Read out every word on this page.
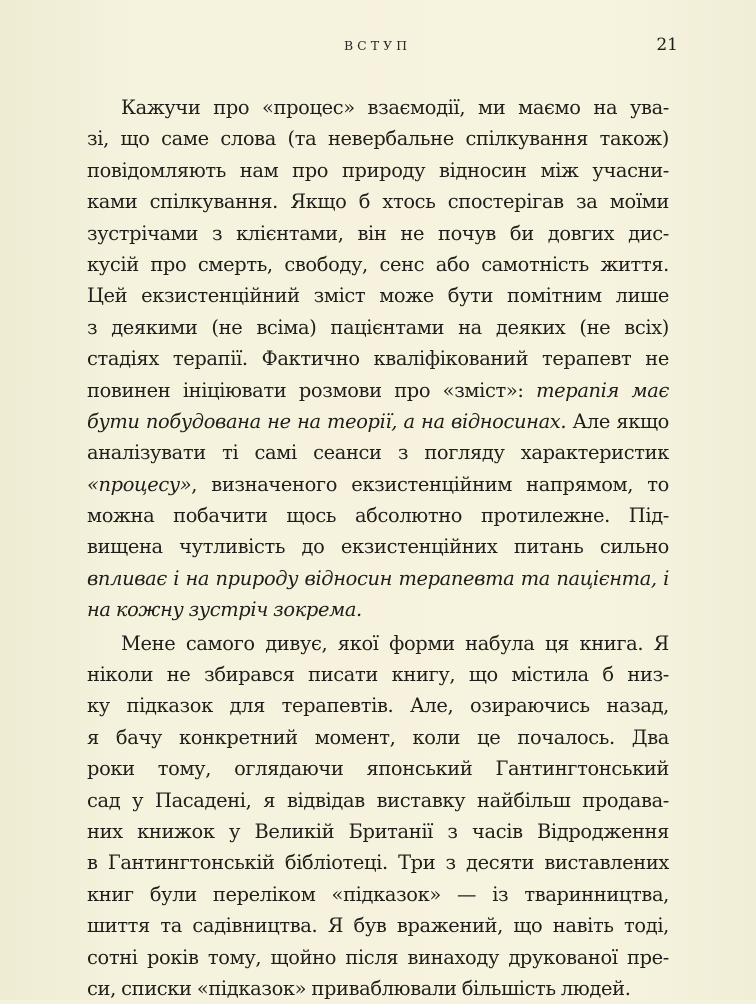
ВСТУП	21
Кажучи про «процес» взаємодії, ми маємо на ува-
зі, що саме слова (та невербальне спілкування також)
повідомляють нам про природу відносин між учасни-
ками спілкування. Якщо б хтось спостерігав за моїми
зустрічами з клієнтами, він не почув би довгих дис-
кусій про смерть, свободу, сенс або самотність життя.
Цей екзистенційний зміст може бути помітним лише
з деякими (не всіма) пацієнтами на деяких (не всіх)
стадіях терапії. Фактично кваліфікований терапевт не
повинен ініціювати розмови про «зміст»: терапія має
бути побудована не на теорії, а на відносинах. Але якщо
аналізувати ті самі сеанси з погляду характеристик
«процесу», визначеного екзистенційним напрямом, то
можна побачити щось абсолютно протилежне. Під-
вищена чутливість до екзистенційних питань сильно
впливає і на природу відносин терапевта та пацієнта, і
на кожну зустріч зокрема.
Мене самого дивує, якої форми набула ця книга. Я
ніколи не збирався писати книгу, що містила б низ-
ку підказок для терапевтів. Але, озираючись назад,
я бачу конкретний момент, коли це почалось. Два
роки тому, оглядаючи японський Гантингтонський
сад у Пасадені, я відвідав виставку найбільш продава-
них книжок у Великій Британії з часів Відродження
в Гантингтонській бібліотеці. Три з десяти виставлених
книг були переліком «підказок» — із тваринництва,
шиття та садівництва. Я був вражений, що навіть тоді,
сотні років тому, щойно після винаходу друкованої пре-
си, списки «підказок» приваблювали більшість людей.
